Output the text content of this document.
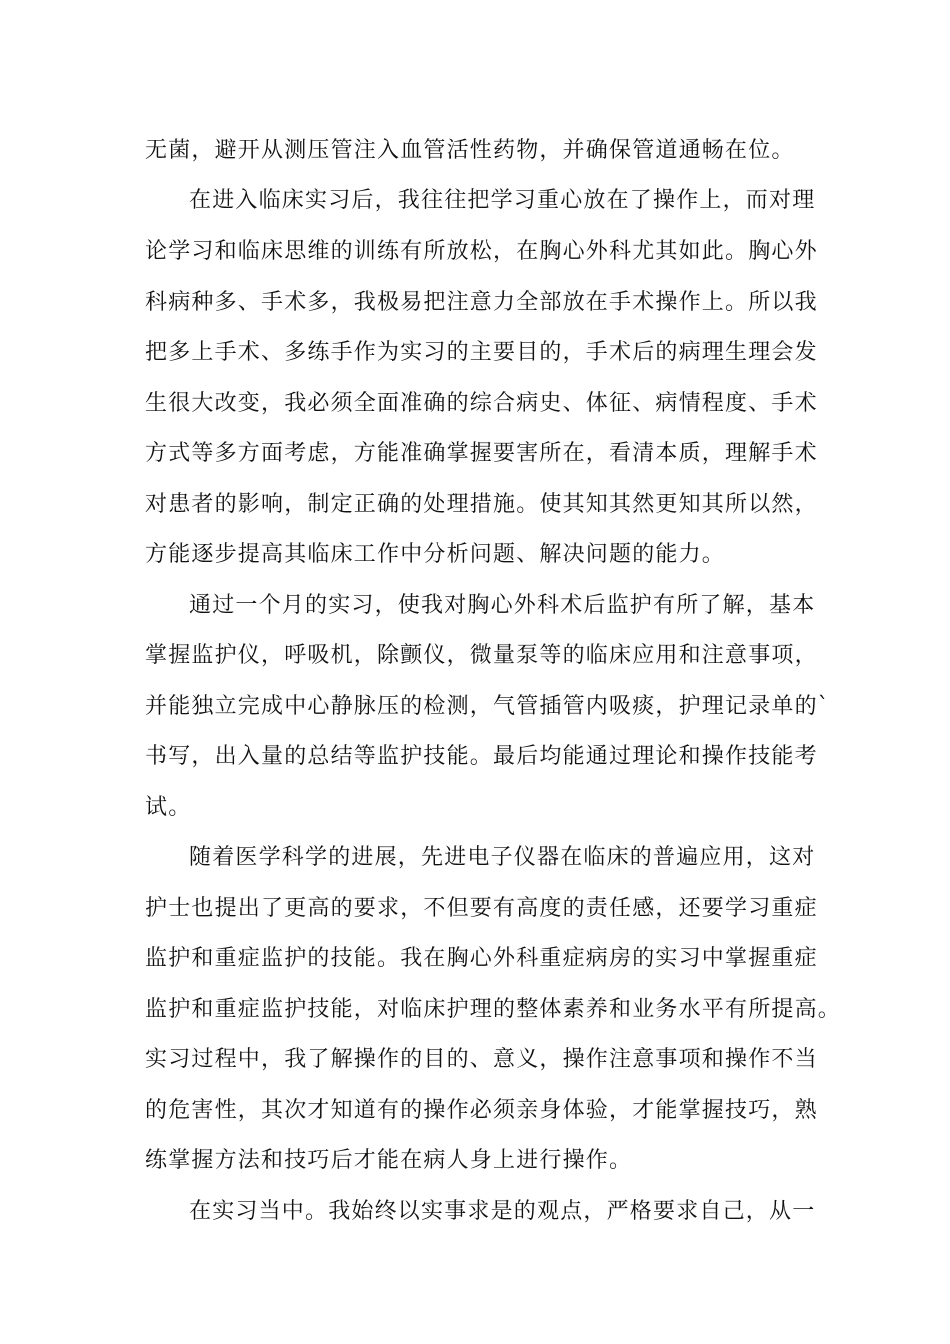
无菌，避开从测压管注入血管活性药物，并确保管道通畅在位。
在进入临床实习后，我往往把学习重心放在了操作上，而对理
论学习和临床思维的训练有所放松，在胸心外科尤其如此。胸心外
科病种多、手术多，我极易把注意力全部放在手术操作上。所以我
把多上手术、多练手作为实习的主要目的，手术后的病理生理会发
生很大改变，我必须全面准确的综合病史、体征、病情程度、手术
方式等多方面考虑，方能准确掌握要害所在，看清本质，理解手术
对患者的影响，制定正确的处理措施。使其知其然更知其所以然，
方能逐步提高其临床工作中分析问题、解决问题的能力。
通过一个月的实习，使我对胸心外科术后监护有所了解，基本
掌握监护仪，呼吸机，除颤仪，微量泵等的临床应用和注意事项，
并能独立完成中心静脉压的检测，气管插管内吸痰，护理记录单的`
书写，出入量的总结等监护技能。最后均能通过理论和操作技能考
试。
随着医学科学的进展，先进电子仪器在临床的普遍应用，这对
护士也提出了更高的要求，不但要有高度的责任感，还要学习重症
监护和重症监护的技能。我在胸心外科重症病房的实习中掌握重症
监护和重症监护技能，对临床护理的整体素养和业务水平有所提高。
实习过程中，我了解操作的目的、意义，操作注意事项和操作不当
的危害性，其次才知道有的操作必须亲身体验，才能掌握技巧，熟
练掌握方法和技巧后才能在病人身上进行操作。
在实习当中。我始终以实事求是的观点，严格要求自己，从一
